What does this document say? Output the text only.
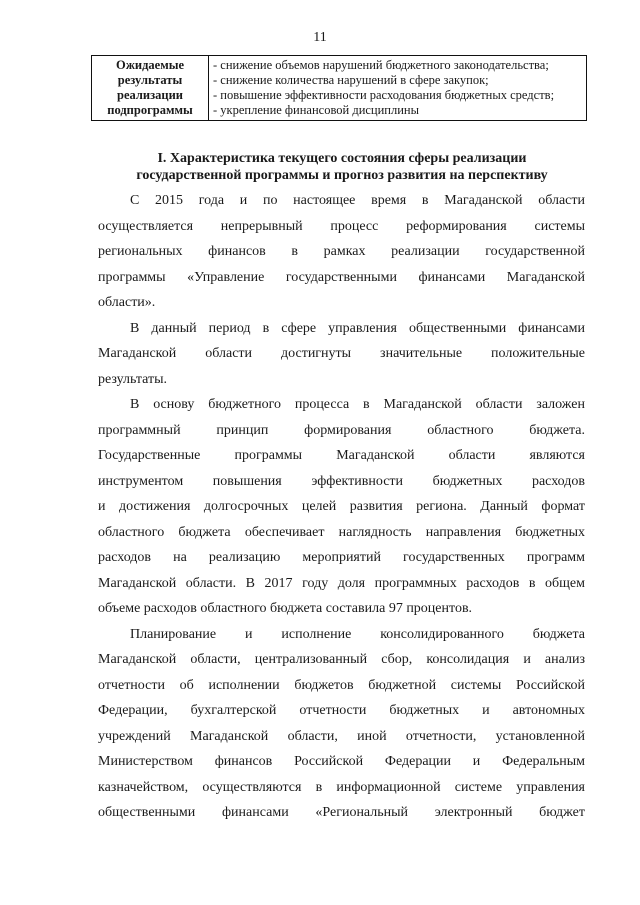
11
Ожидаемые
результаты
реализации
подпрограммы

- снижение объемов нарушений бюджетного законодательства;
- снижение количества нарушений в сфере закупок;
- повышение эффективности расходования бюджетных средств;
- укрепление финансовой дисциплины
I. Характеристика текущего состояния сферы реализации
государственной программы и прогноз развития на перспективу
С 2015 года и по настоящее время в Магаданской области
осуществляется непрерывный процесс реформирования системы
региональных финансов в рамках реализации государственной
программы «Управление государственными финансами Магаданской
области».
В данный период в сфере управления общественными финансами
Магаданской области достигнуты значительные положительные
результаты.
В основу бюджетного процесса в Магаданской области заложен
программный принцип формирования областного бюджета.
Государственные программы Магаданской области являются
инструментом повышения эффективности бюджетных расходов
и достижения долгосрочных целей развития региона. Данный формат
областного бюджета обеспечивает наглядность направления бюджетных
расходов на реализацию мероприятий государственных программ
Магаданской области. В 2017 году доля программных расходов в общем
объеме расходов областного бюджета составила 97 процентов.
Планирование и исполнение консолидированного бюджета
Магаданской области, централизованный сбор, консолидация и анализ
отчетности об исполнении бюджетов бюджетной системы Российской
Федерации, бухгалтерской отчетности бюджетных и автономных
учреждений Магаданской области, иной отчетности, установленной
Министерством финансов Российской Федерации и Федеральным
казначейством, осуществляются в информационной системе управления
общественными финансами «Региональный электронный бюджет
